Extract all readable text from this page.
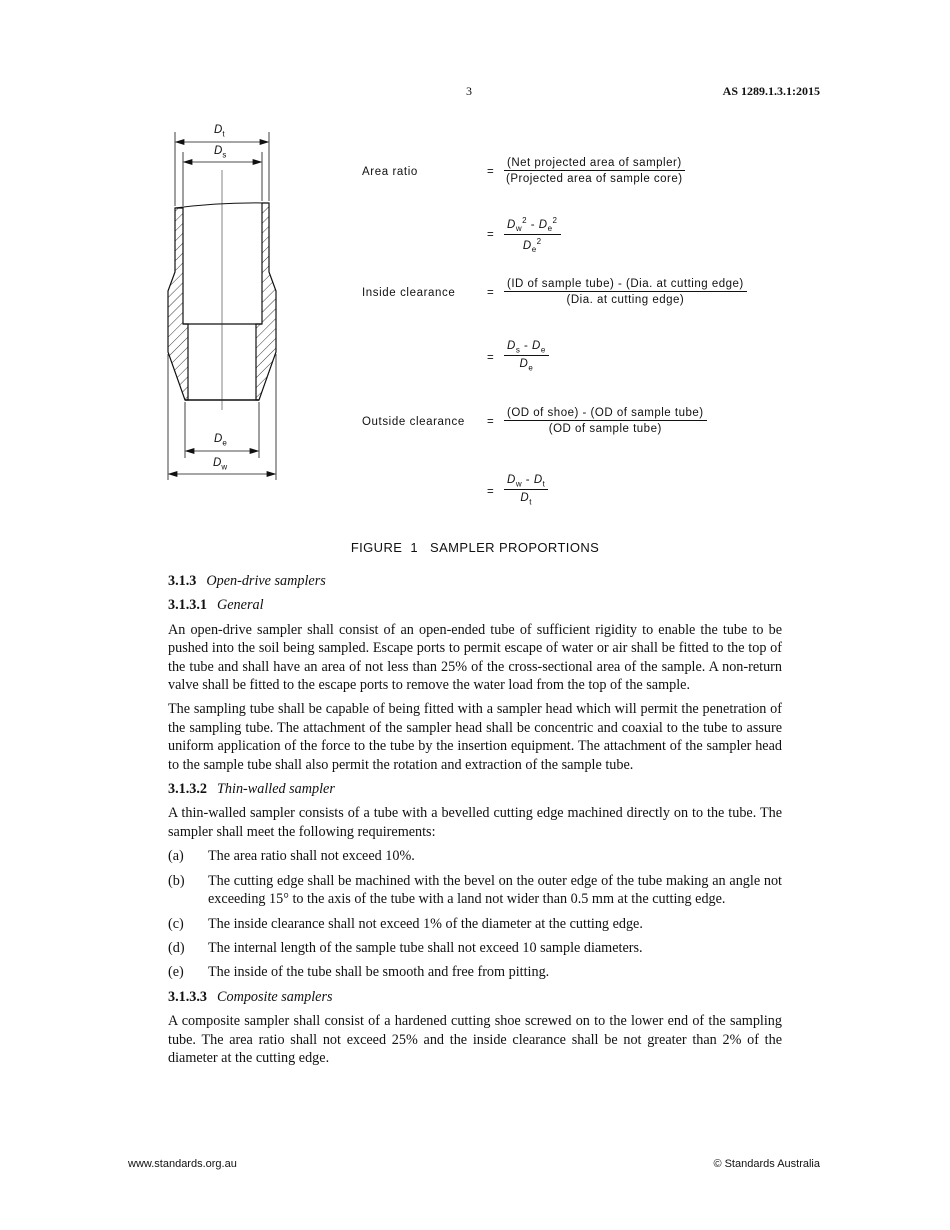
3	AS 1289.1.3.1:2015
$D_t$
$D_s$
$D_e$
$D_w$
Area ratio	=
(Net projected area of sampler)
(Projected area of sample core)
= $\frac{D_w^2 - D_e^2}{D_e^2}$
Inside clearance	=
(ID of sample tube) - (Dia. at cutting edge)
(Dia. at cutting edge)
= $\frac{D_s - D_e}{D_e}$
Outside clearance =
(OD of shoe) - (OD of sample tube)
(OD of sample tube)
= $\frac{D_w - D_t}{D_t}$
FIGURE  1   SAMPLER PROPORTIONS
3.1.3 Open-drive samplers
3.1.3.1 General

An open-drive sampler shall consist of an open-ended tube of sufficient rigidity to enable the tube to be pushed into the soil being sampled. Escape ports to permit escape of water or air shall be fitted to the top of the tube and shall have an area of not less than 25% of the cross-sectional area of the sample. A non-return valve shall be fitted to the escape ports to remove the water load from the top of the sample.

The sampling tube shall be capable of being fitted with a sampler head which will permit the penetration of the sampling tube. The attachment of the sampler head shall be concentric and coaxial to the tube to assure uniform application of the force to the tube by the insertion equipment. The attachment of the sampler head to the sample tube shall also permit the rotation and extraction of the sample tube.

3.1.3.2 Thin-walled sampler

A thin-walled sampler consists of a tube with a bevelled cutting edge machined directly on to the tube. The sampler shall meet the following requirements:

(a)	The area ratio shall not exceed 10%.
(b)	The cutting edge shall be machined with the bevel on the outer edge of the tube making an angle not exceeding 15° to the axis of the tube with a land not wider than 0.5 mm at the cutting edge.
(c)	The inside clearance shall not exceed 1% of the diameter at the cutting edge.
(d)	The internal length of the sample tube shall not exceed 10 sample diameters.
(e)	The inside of the tube shall be smooth and free from pitting.
3.1.3.3 Composite samplers

A composite sampler shall consist of a hardened cutting shoe screwed on to the lower end of the sampling tube. The area ratio shall not exceed 25% and the inside clearance shall be not greater than 2% of the diameter at the cutting edge.

www.standards.org.au	© Standards Australia
